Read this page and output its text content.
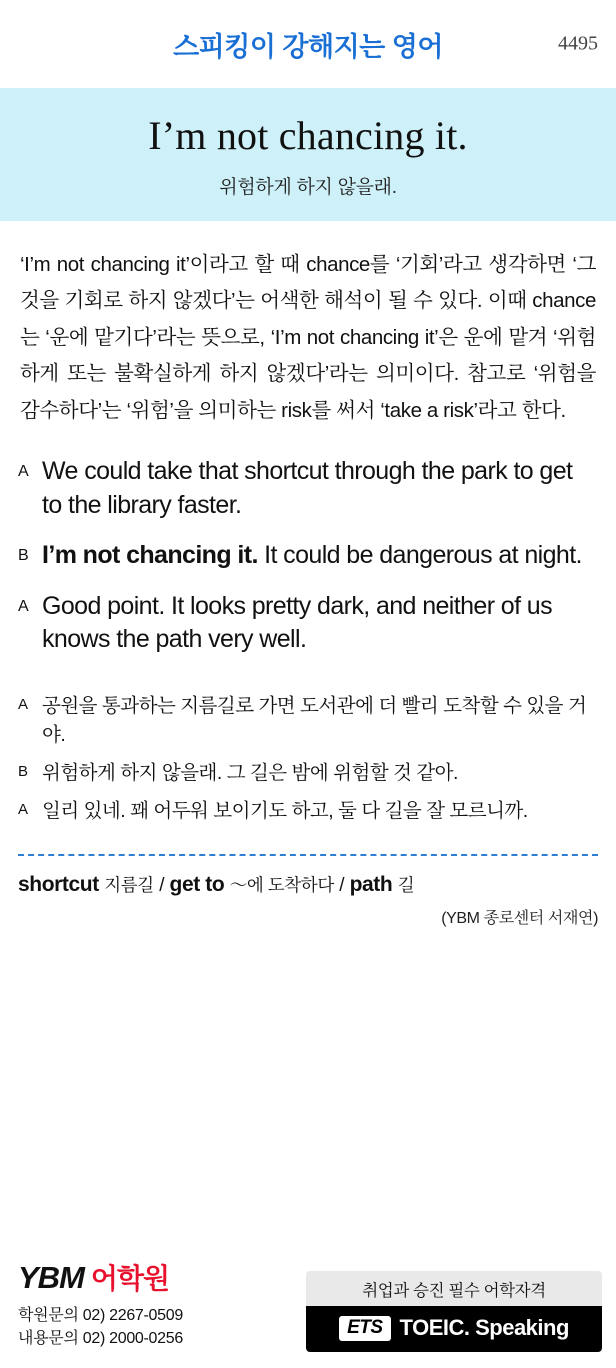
스피킹이 강해지는 영어	4495
I’m not chancing it.
위험하게 하지 않을래.
‘I’m not chancing it’이라고 할 때 chance를 ‘기회’라고 생각하면 ‘그것을 기회로 하지 않겠다’는 어색한 해석이 될 수 있다. 이때 chance는 ‘운에 맡기다’라는 뜻으로, ‘I’m not chancing it’은 운에 맡겨 ‘위험하게 또는 불확실하게 하지 않겠다’라는 의미이다. 참고로 ‘위험을 감수하다’는 ‘위험’을 의미하는 risk를 써서 ‘take a risk’라고 한다.
A We could take that shortcut through the park to get to the library faster.
B I’m not chancing it. It could be dangerous at night.
A Good point. It looks pretty dark, and neither of us knows the path very well.
A 공원을 통과하는 지름길로 가면 도서관에 더 빨리 도착할 수 있을 거야.
B 위험하게 하지 않을래. 그 길은 밤에 위험할 것 같아.
A 일리 있네. 꽤 어두워 보이기도 하고, 둘 다 길을 잘 모르니까.
shortcut 지름길 / get to ～에 도착하다 / path 길
(YBM 종로센터 서재연)
YBM 어학원
학원문의 02) 2267-0509
내용문의 02) 2000-0256
취업과 승진 필수 어학자격
ETS TOEIC. Speaking
